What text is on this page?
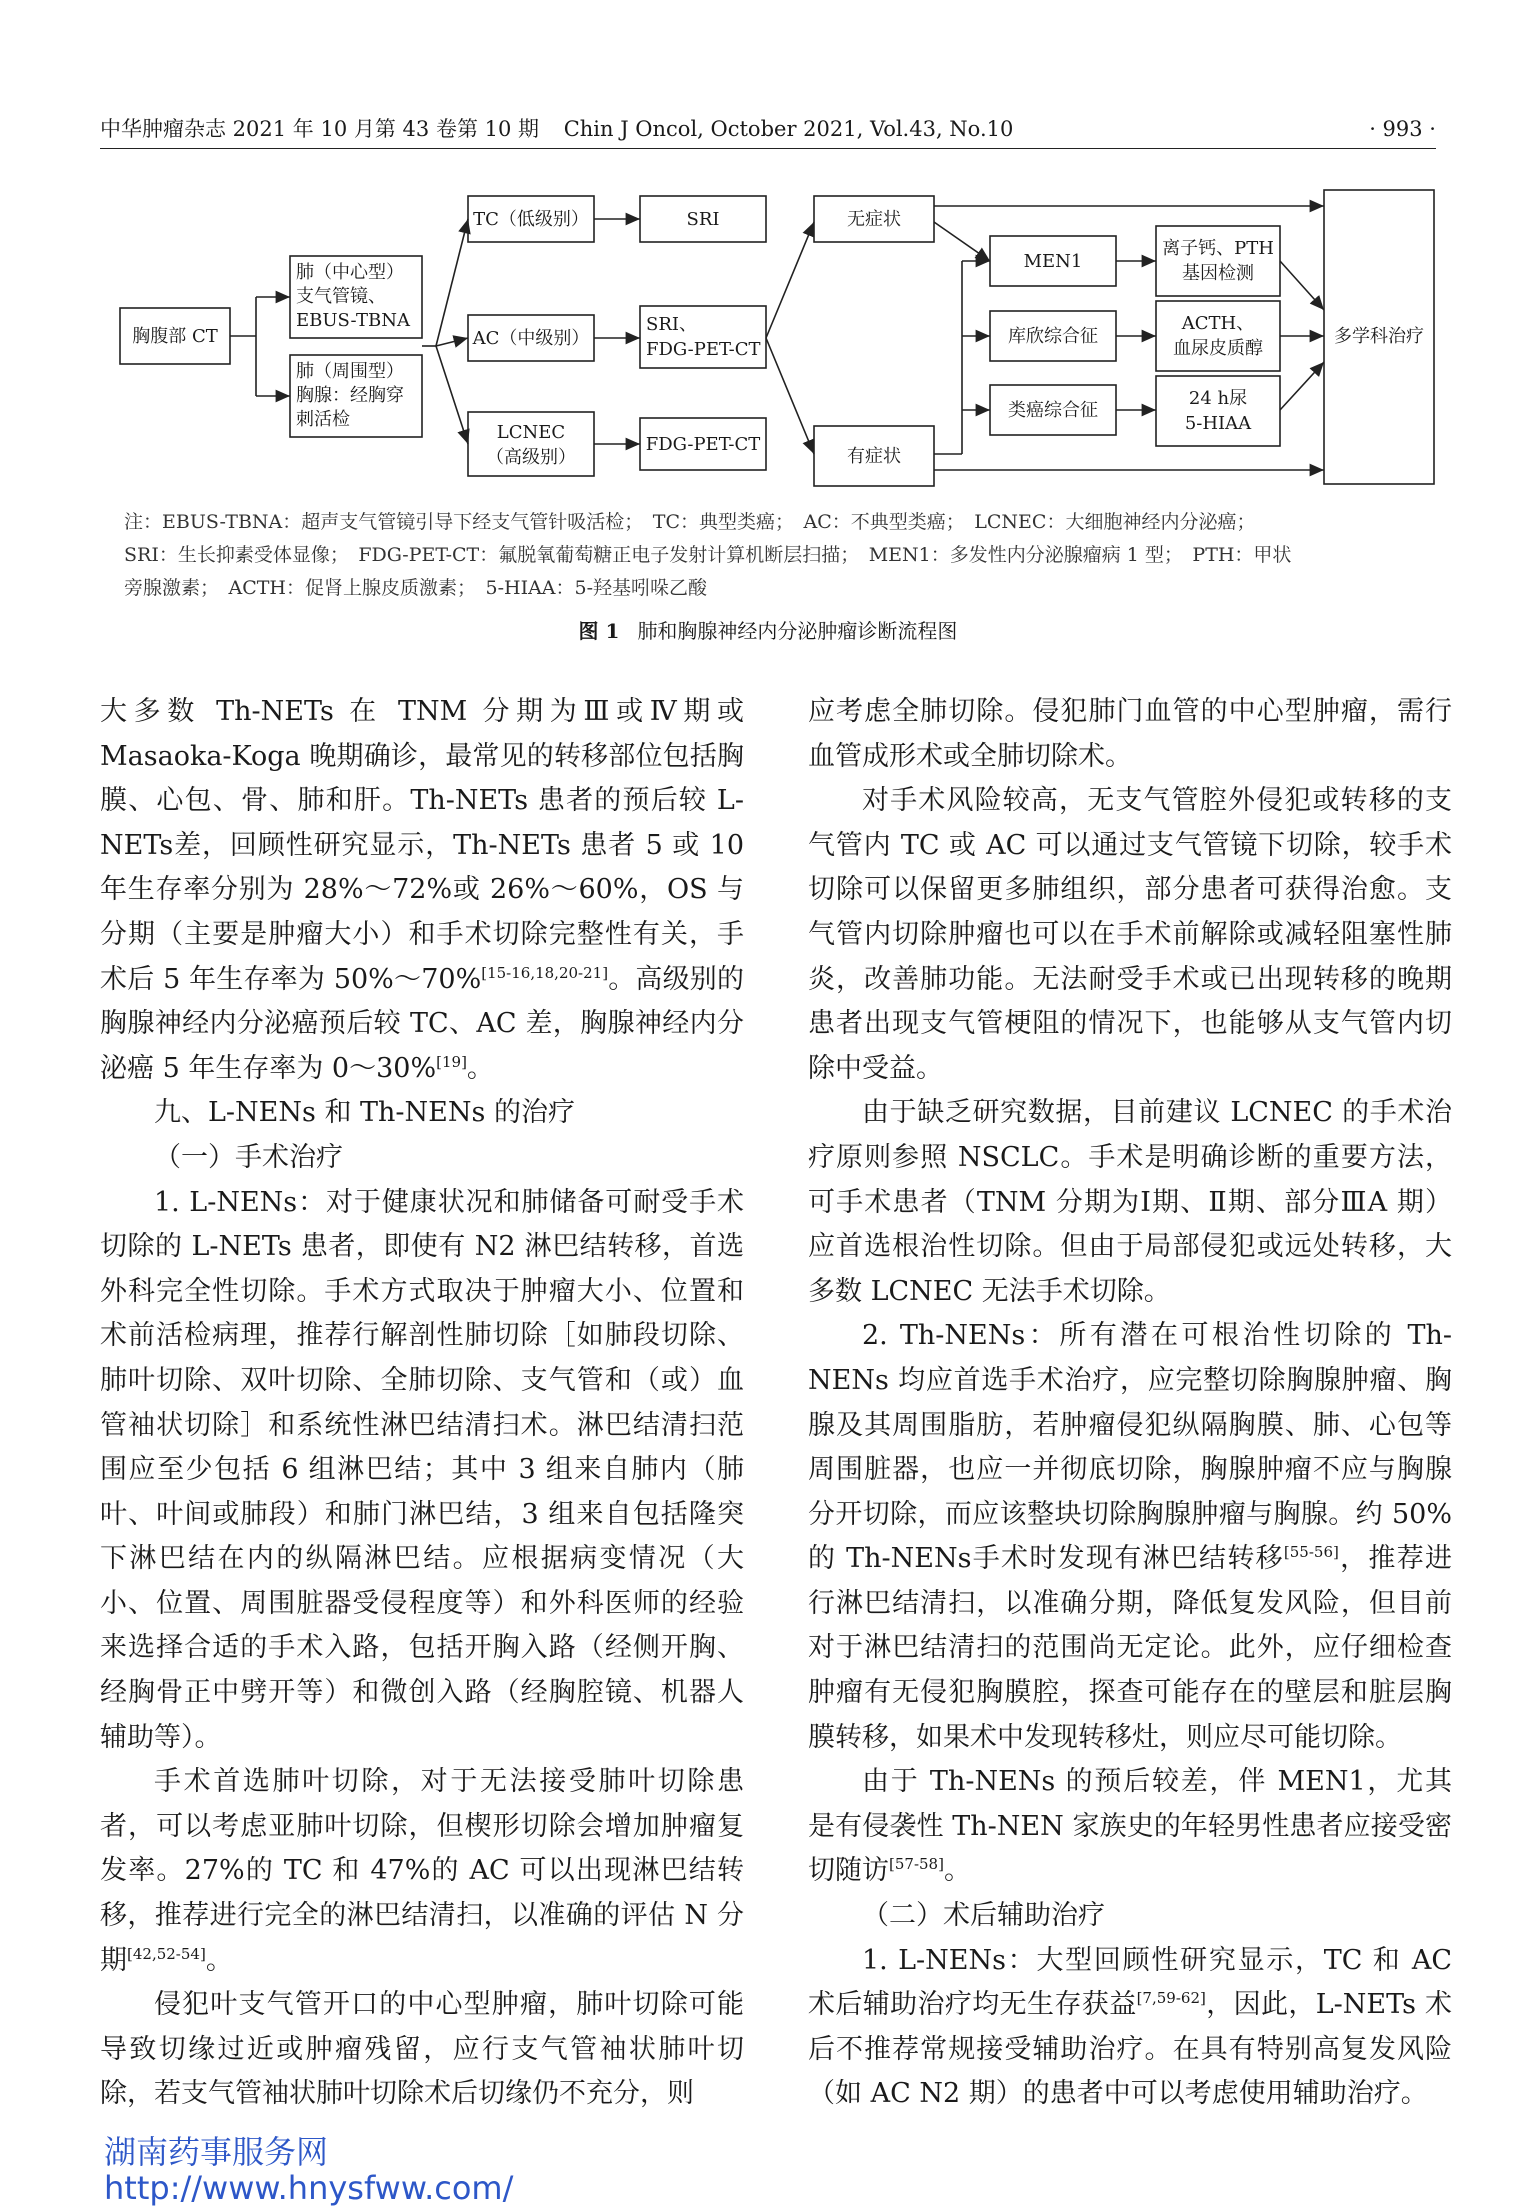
中华肿瘤杂志 2021 年 10 月第 43 卷第 10 期 Chin J Oncol, October 2021, Vol.43, No.10	· 993 ·
胸腹部 CT
肺（中心型）
支气管镜、
EBUS-TBNA
肺（周围型）
胸腺：经胸穿
刺活检
TC（低级别）
AC（中级别）
LCNEC
（高级别）
SRI
SRI、
FDG-PET-CT
FDG-PET-CT
无症状
有症状
MEN1
离子钙、PTH
基因检测
库欣综合征
ACTH、
血尿皮质醇
类癌综合征
24 h尿
5-HIAA
多学科治疗

注：EBUS-TBNA：超声支气管镜引导下经支气管针吸活检；　TC：典型类癌；　AC：不典型类癌；　LCNEC：大细胞神经内分泌癌；

SRI：生长抑素受体显像；　FDG-PET-CT：氟脱氧葡萄糖正电子发射计算机断层扫描；　MEN1：多发性内分泌腺瘤病 1 型；　PTH：甲状

旁腺激素；　ACTH：促肾上腺皮质激素；　5-HIAA：5-羟基吲哚乙酸

图 1 肺和胸腺神经内分泌肿瘤诊断流程图

大多数 Th-NETs 在 TNM 分期为Ⅲ或Ⅳ期或 Masaoka-Koga 晚期确诊，最常见的转移部位包括胸膜、心包、骨、肺和肝。Th-NETs 患者的预后较 L-NETs差，回顾性研究显示，Th-NETs 患者 5 或 10 年生存率分别为 28%～72%或 26%～60%，OS 与分期（主要是肿瘤大小）和手术切除完整性有关，手术后 5 年生存率为 50%～70%[15-16,18,20-21]。高级别的胸腺神经内分泌癌预后较 TC、AC 差，胸腺神经内分泌癌 5 年生存率为 0～30%[19]。

九、L-NENs 和 Th-NENs 的治疗

（一）手术治疗

1. L-NENs：对于健康状况和肺储备可耐受手术切除的 L-NETs 患者，即使有 N2 淋巴结转移，首选外科完全性切除。手术方式取决于肿瘤大小、位置和术前活检病理，推荐行解剖性肺切除［如肺段切除、肺叶切除、双叶切除、全肺切除、支气管和（或）血管袖状切除］和系统性淋巴结清扫术。淋巴结清扫范围应至少包括 6 组淋巴结；其中 3 组来自肺内（肺叶、叶间或肺段）和肺门淋巴结，3 组来自包括隆突下淋巴结在内的纵隔淋巴结。应根据病变情况（大小、位置、周围脏器受侵程度等）和外科医师的经验来选择合适的手术入路，包括开胸入路（经侧开胸、经胸骨正中劈开等）和微创入路（经胸腔镜、机器人辅助等）。

手术首选肺叶切除，对于无法接受肺叶切除患者，可以考虑亚肺叶切除，但楔形切除会增加肿瘤复发率。27%的 TC 和 47%的 AC 可以出现淋巴结转移，推荐进行完全的淋巴结清扫，以准确的评估 N 分期[42,52-54]。

侵犯叶支气管开口的中心型肿瘤，肺叶切除可能导致切缘过近或肿瘤残留，应行支气管袖状肺叶切除，若支气管袖状肺叶切除术后切缘仍不充分，则

应考虑全肺切除。侵犯肺门血管的中心型肿瘤，需行血管成形术或全肺切除术。

对手术风险较高，无支气管腔外侵犯或转移的支气管内 TC 或 AC 可以通过支气管镜下切除，较手术切除可以保留更多肺组织，部分患者可获得治愈。支气管内切除肿瘤也可以在手术前解除或减轻阻塞性肺炎，改善肺功能。无法耐受手术或已出现转移的晚期患者出现支气管梗阻的情况下，也能够从支气管内切除中受益。

由于缺乏研究数据，目前建议 LCNEC 的手术治疗原则参照 NSCLC。手术是明确诊断的重要方法，可手术患者（TNM 分期为Ⅰ期、Ⅱ期、部分ⅢA 期）应首选根治性切除。但由于局部侵犯或远处转移，大多数 LCNEC 无法手术切除。

2. Th-NENs：所有潜在可根治性切除的 Th-NENs 均应首选手术治疗，应完整切除胸腺肿瘤、胸腺及其周围脂肪，若肿瘤侵犯纵隔胸膜、肺、心包等周围脏器，也应一并彻底切除，胸腺肿瘤不应与胸腺分开切除，而应该整块切除胸腺肿瘤与胸腺。约 50%的 Th-NENs手术时发现有淋巴结转移[55-56]，推荐进行淋巴结清扫，以准确分期，降低复发风险，但目前对于淋巴结清扫的范围尚无定论。此外，应仔细检查肿瘤有无侵犯胸膜腔，探查可能存在的壁层和脏层胸膜转移，如果术中发现转移灶，则应尽可能切除。

由于 Th-NENs 的预后较差，伴 MEN1，尤其是有侵袭性 Th-NEN 家族史的年轻男性患者应接受密切随访[57-58]。

（二）术后辅助治疗

1. L-NENs：大型回顾性研究显示，TC 和 AC 术后辅助治疗均无生存获益[7,59-62]，因此，L-NETs 术后不推荐常规接受辅助治疗。在具有特别高复发风险（如 AC N2 期）的患者中可以考虑使用辅助治疗。

湖南药事服务网
http://www.hnysfww.com/
